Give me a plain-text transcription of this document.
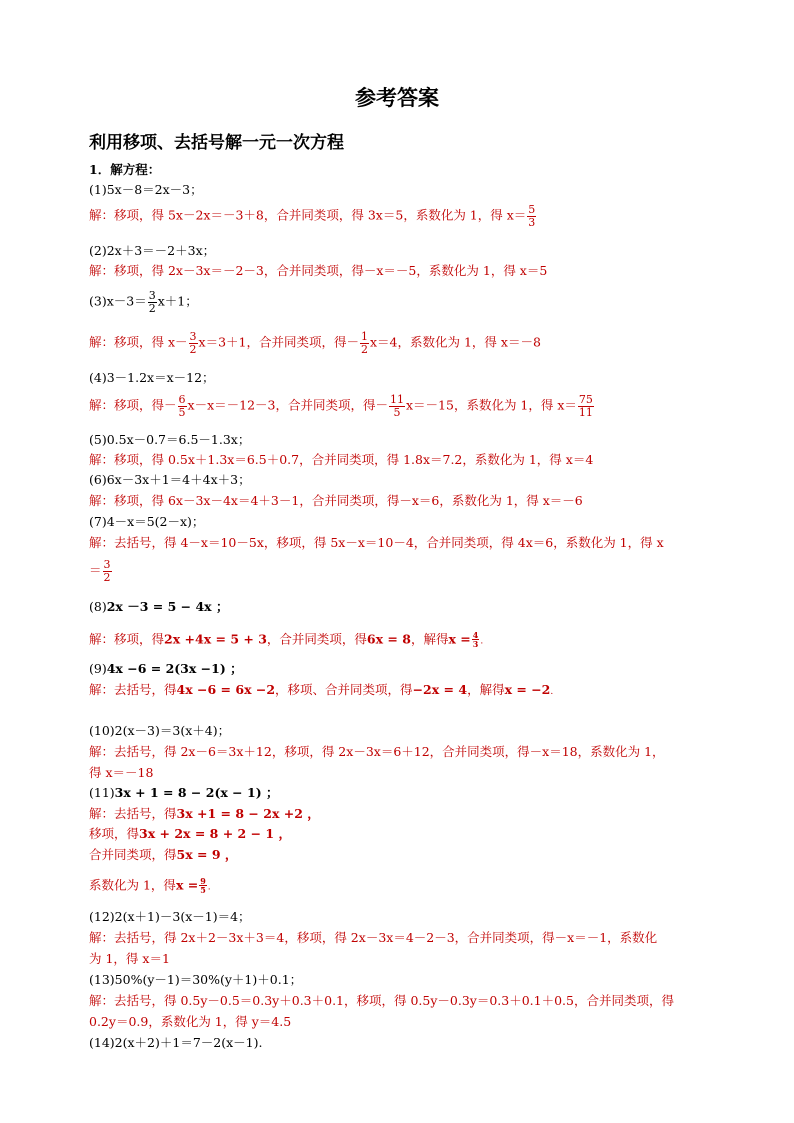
参考答案
利用移项、去括号解一元一次方程
1．解方程：
(1)5x－8＝2x－3；
解：移项，得 5x－2x＝－3＋8，合并同类项，得 3x＝5，系数化为 1，得 $x= \frac{5}{3}$
(2)2x＋3＝－2＋3x；
解：移项，得 2x－3x＝－2－3，合并同类项，得－x＝－5，系数化为 1，得 x＝5
$(3)x-3= \frac{3}{2} x+1$；
解：移项，得 $x- \frac{3}{2} x=3+1$，合并同类项，得－ $\frac{1}{2} x=4$，系数化为 1，得 x＝－8
(4)3－1.2x＝x－12；
解：移项，得－ $\frac{6}{5} x-x=-12-3$，合并同类项，得－ $\frac{11}{5} x=-15$，系数化为 1，得 $x= \frac{75}{11}$
(5)0.5x－0.7＝6.5－1.3x；
解：移项，得 0.5x＋1.3x＝6.5＋0.7，合并同类项，得 1.8x＝7.2，系数化为 1，得 x＝4
(6)6x－3x＋1＝4＋4x＋3；
解：移项，得 6x－3x－4x＝4＋3－1，合并同类项，得－x＝6，系数化为 1，得 x＝－6
(7)4－x＝5(2－x)；
解：去括号，得 4－x＝10－5x，移项，得 5x－x＝10－4，合并同类项，得 4x＝6，系数化为 1，得 x
＝ $\frac{3}{2}$
(8)2x －3 = 5 − 4x ；
解：移项，得2x +4x = 5 + 3，合并同类项，得6x = 8，解得$x = \frac{4}{3}$ .
(9)4x −6 = 2(3x −1) ；
解：去括号，得4x −6 = 6x −2，移项、合并同类项，得−2x = 4，解得x = −2.
(10)2(x－3)＝3(x＋4)；
解：去括号，得 2x－6＝3x＋12，移项，得 2x－3x＝6＋12，合并同类项，得－x＝18，系数化为 1，
得 x＝－18
(11)3x + 1 = 8 − 2(x − 1) ；
解：去括号，得3x +1 = 8 − 2x +2 ，
移项，得3x + 2x = 8 + 2 − 1 ，
合并同类项，得5x = 9 ，
系数化为 1，得$x = \frac{9}{5}$ .
(12)2(x＋1)－3(x－1)＝4；
解：去括号，得 2x＋2－3x＋3＝4，移项，得 2x－3x＝4－2－3，合并同类项，得－x＝－1，系数化
为 1，得 x＝1
(13)50%(y－1)＝30%(y＋1)＋0.1；
解：去括号，得 0.5y－0.5＝0.3y＋0.3＋0.1，移项，得 0.5y－0.3y＝0.3＋0.1＋0.5，合并同类项，得
0.2y＝0.9，系数化为 1，得 y＝4.5
(14)2(x＋2)＋1＝7－2(x－1).
